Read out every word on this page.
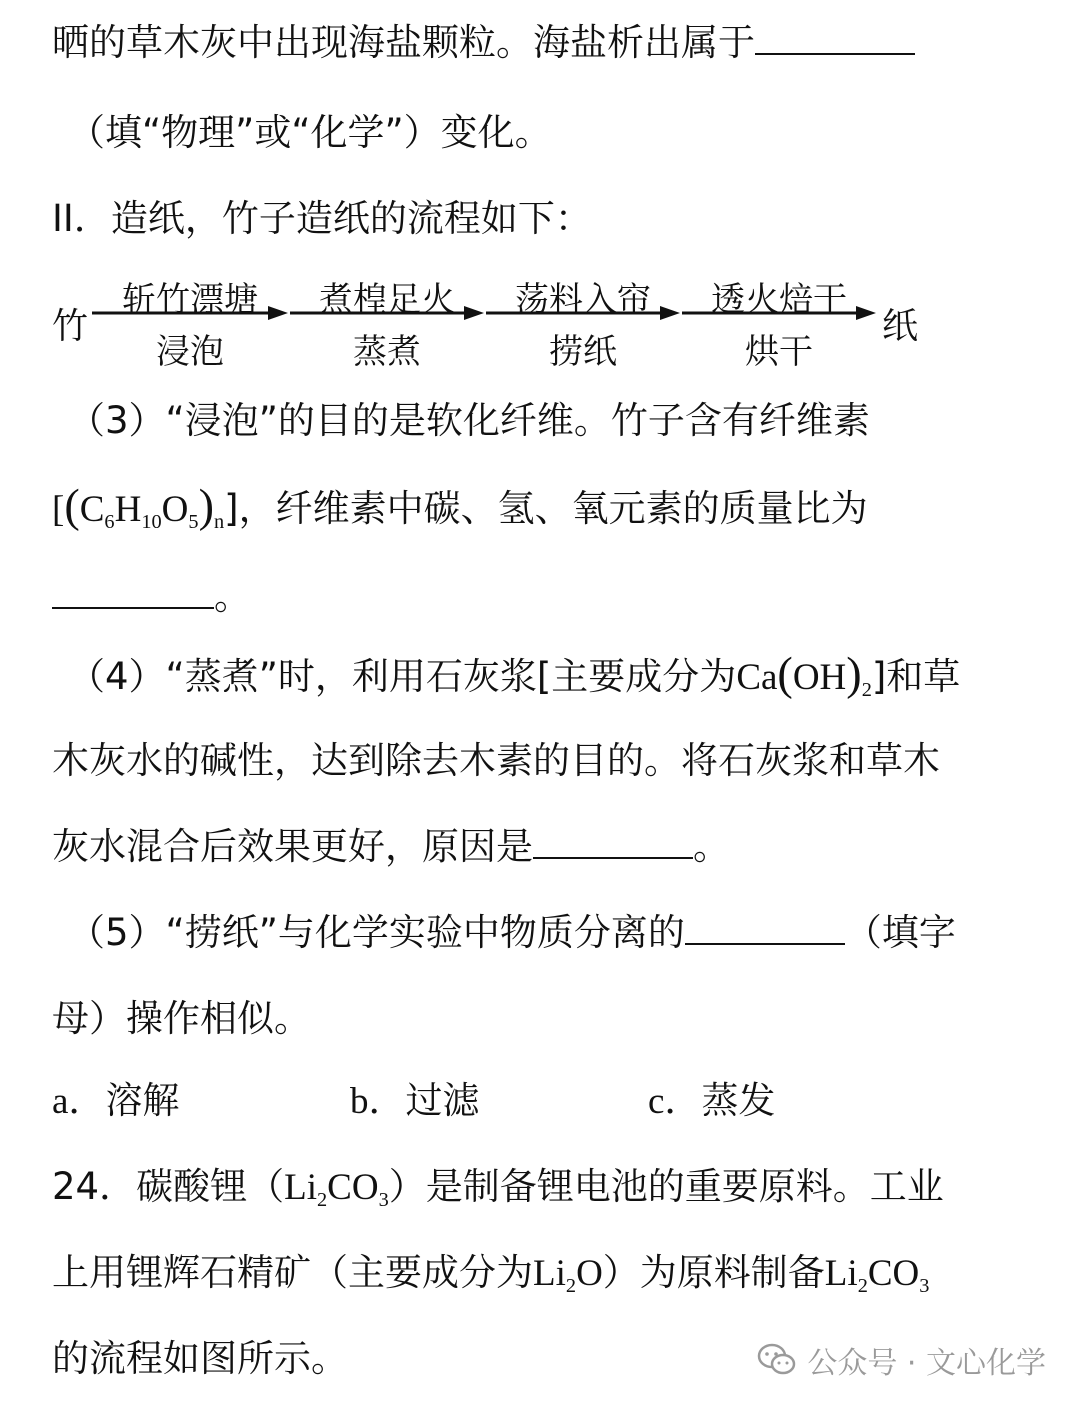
晒的草木灰中出现海盐颗粒。海盐析出属于
（填“物理”或“化学”）变化。
II．造纸，竹子造纸的流程如下：
竹
斩竹漂塘
浸泡
煮楻足火
蒸煮
荡料入帘
捞纸
透火焙干
烘干
纸
（3）“浸泡”的目的是软化纤维。竹子含有纤维素
$[(C_6H_{10}O_5)_n]$，纤维素中碳、氢、氧元素的质量比为
。
（4）“蒸煮”时，利用石灰浆[主要成分为$Ca(OH)_2$]和草
木灰水的碱性，达到除去木素的目的。将石灰浆和草木
灰水混合后效果更好，原因是	。
（5）“捞纸”与化学实验中物质分离的	（填字
母）操作相似。
a．溶解	b．过滤	c．蒸发
24．碳酸锂$(Li_2CO_3)$是制备锂电池的重要原料。工业
上用锂辉石精矿（主要成分为$Li_2O$）为原料制备$Li_2CO_3$
的流程如图所示。	公众号 · 文心化学
